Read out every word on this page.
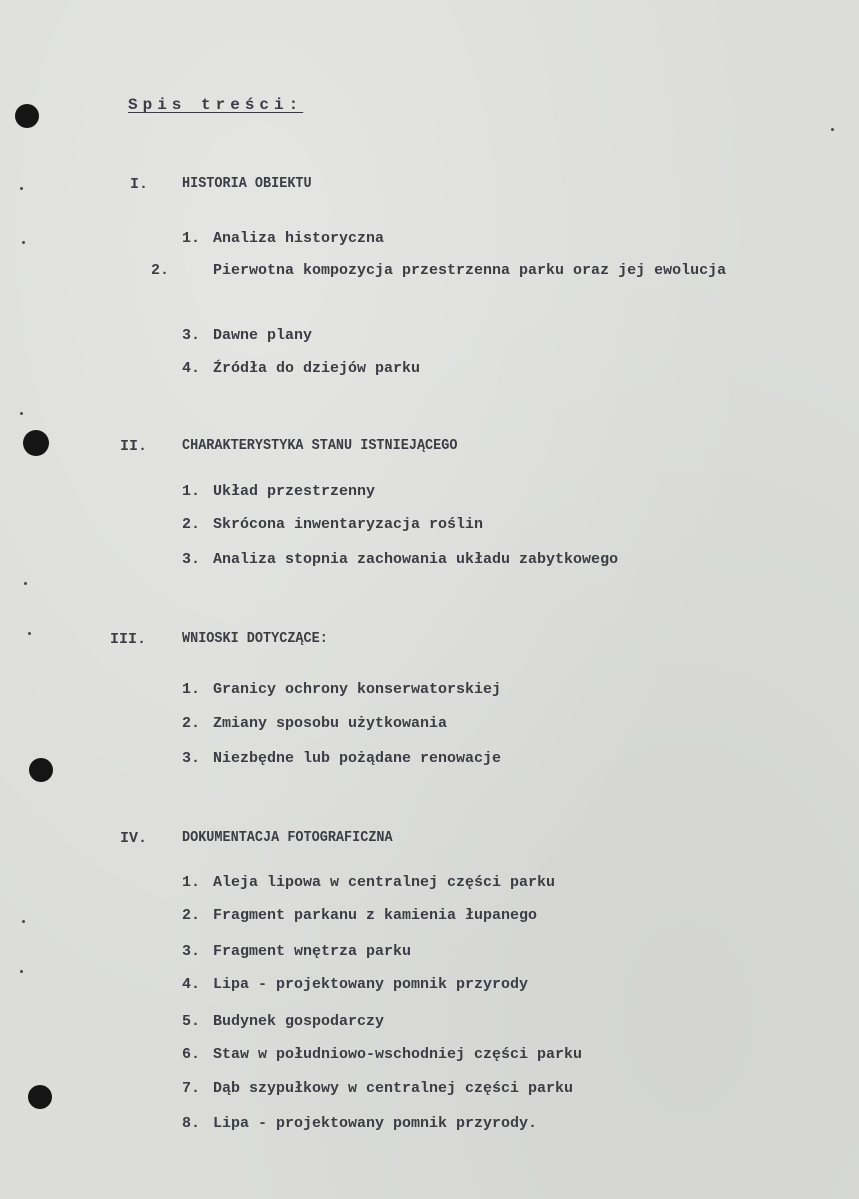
Spis treści:
I.	HISTORIA OBIEKTU
1. Analiza historyczna
2.	Pierwotna kompozycja przestrzenna parku oraz jej ewolucja
3. Dawne plany
4. Źródła do dziejów parku
II.	CHARAKTERYSTYKA STANU ISTNIEJĄCEGO
1. Układ przestrzenny
2. Skrócona inwentaryzacja roślin
3. Analiza stopnia zachowania układu zabytkowego
III.	WNIOSKI DOTYCZĄCE:
1. Granicy ochrony konserwatorskiej
2. Zmiany sposobu użytkowania
3. Niezbędne lub pożądane renowacje
IV.	DOKUMENTACJA FOTOGRAFICZNA
1. Aleja lipowa w centralnej części parku
2. Fragment parkanu z kamienia łupanego
3. Fragment wnętrza parku
4. Lipa - projektowany pomnik przyrody
5. Budynek gospodarczy
6. Staw w południowo-wschodniej części parku
7. Dąb szypułkowy w centralnej części parku
8. Lipa - projektowany pomnik przyrody.
